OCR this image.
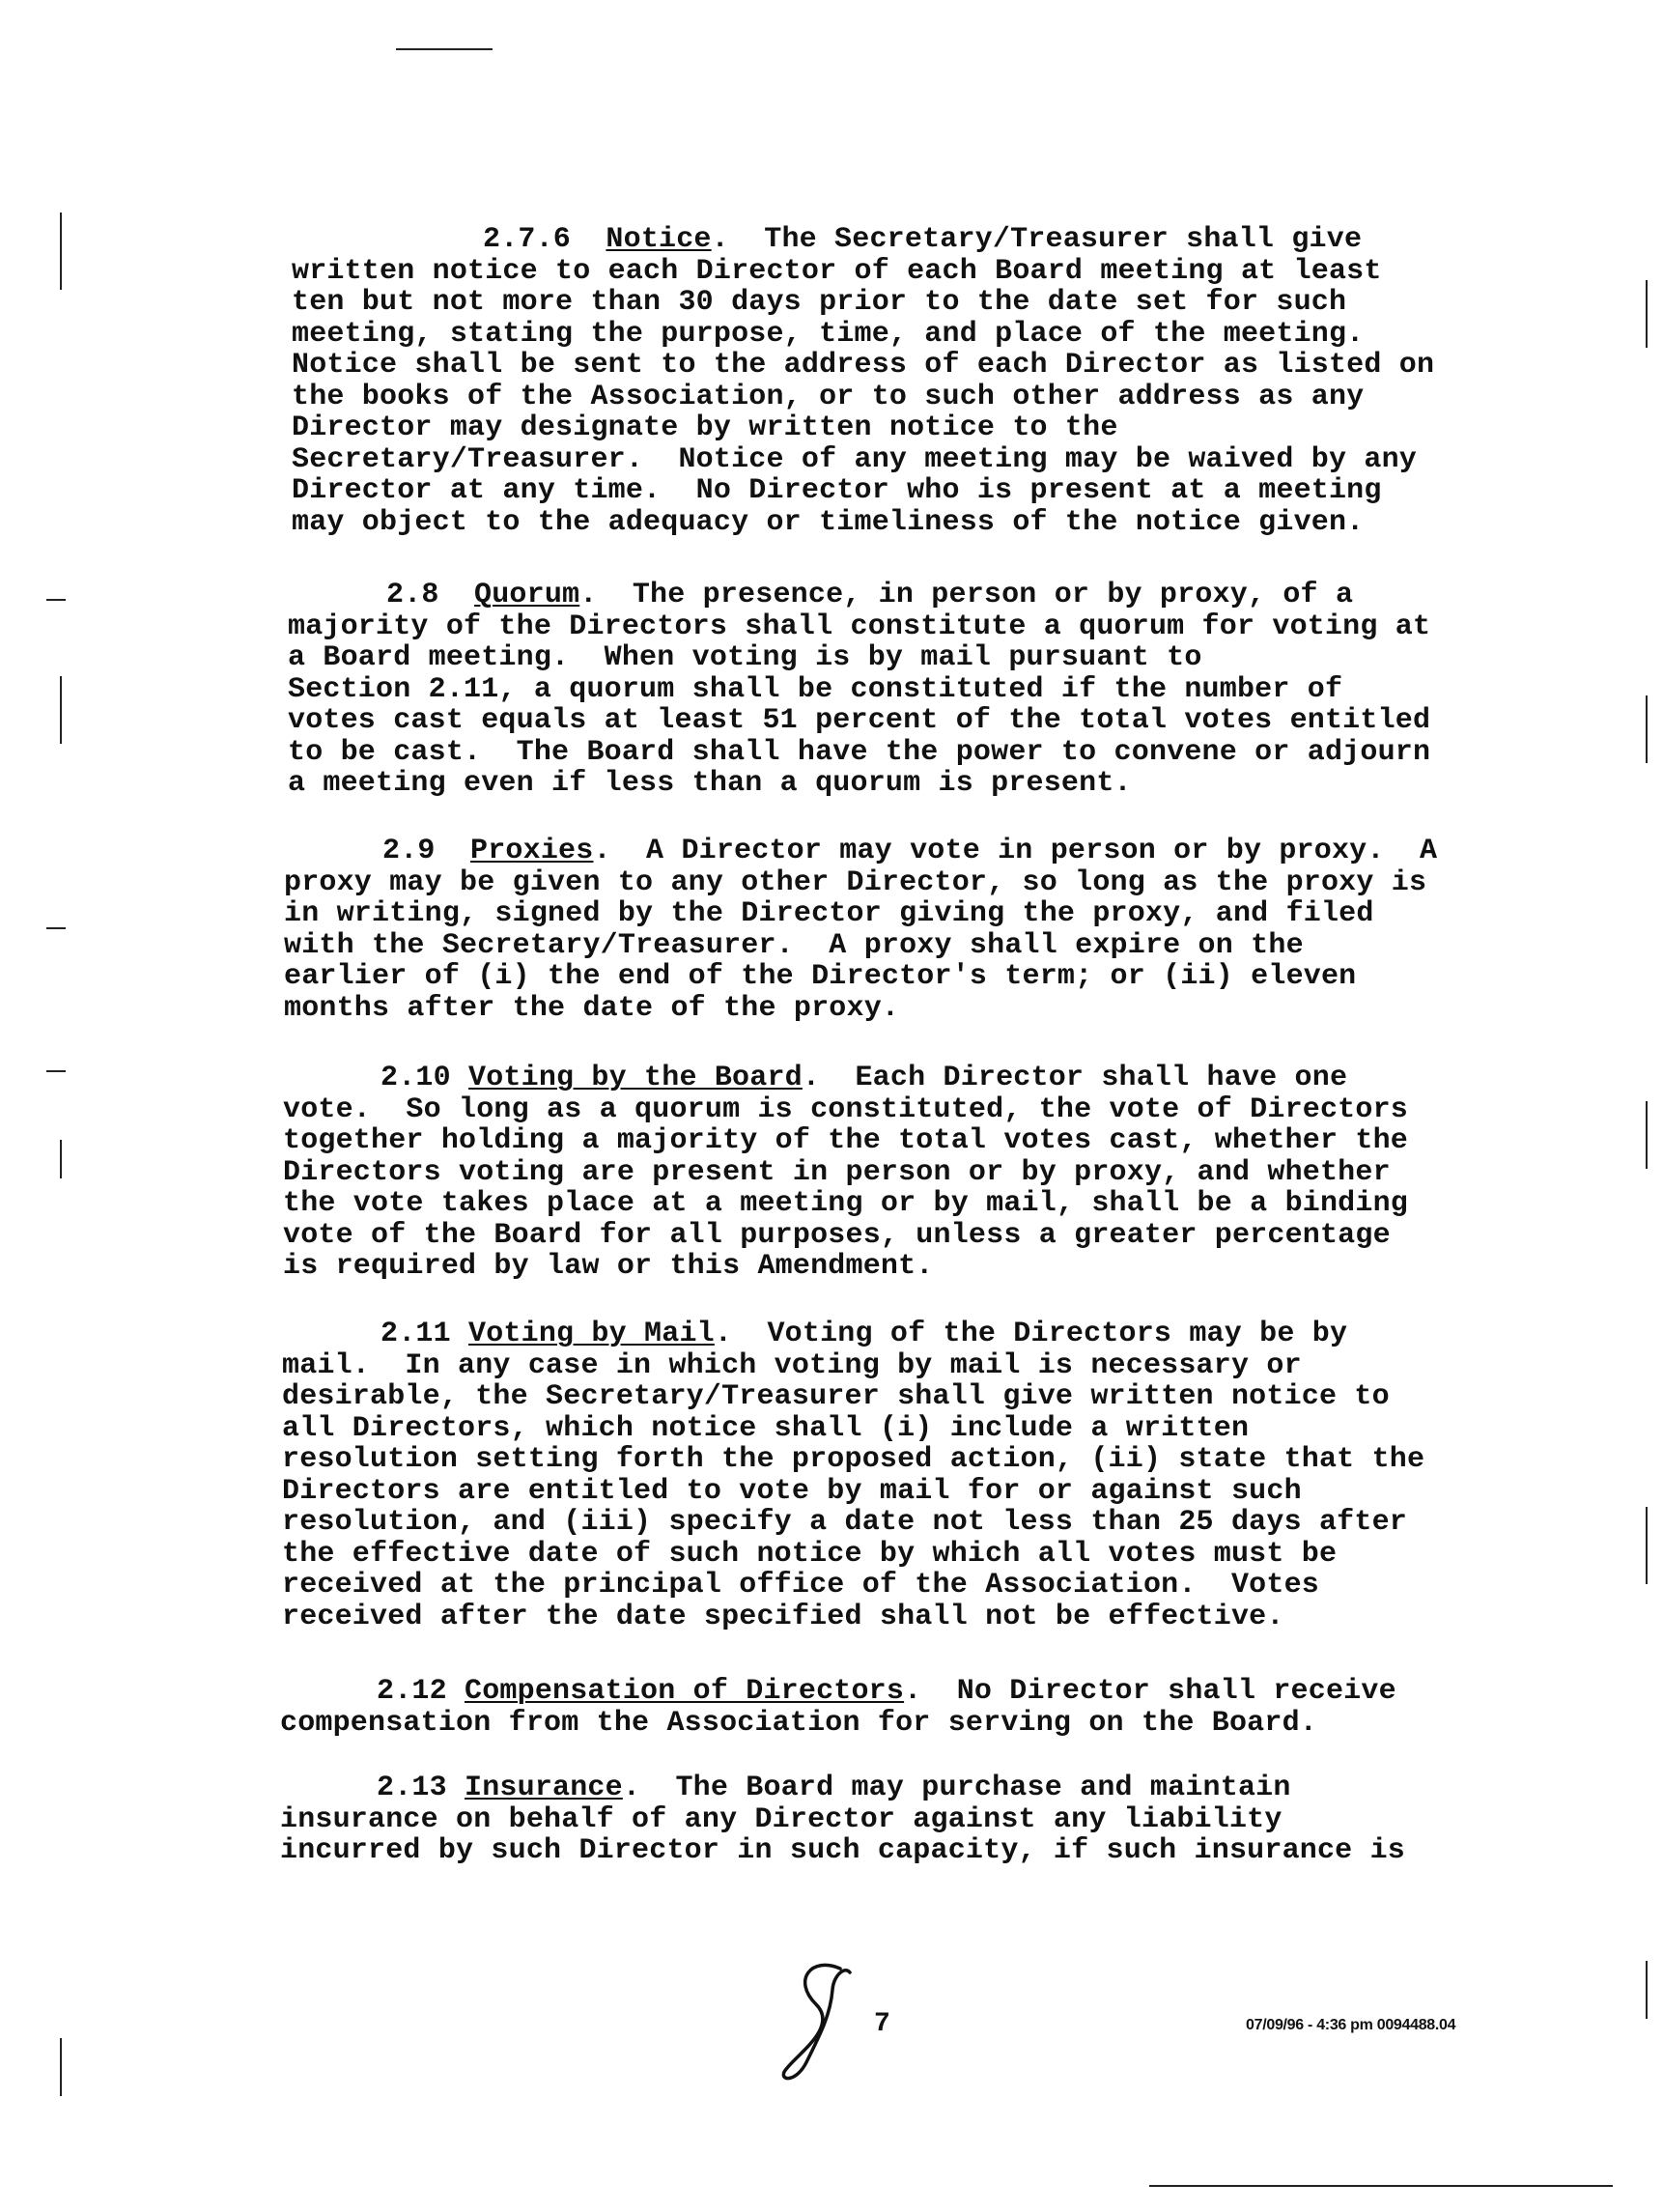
2.7.6 Notice.  The Secretary/Treasurer shall give
written notice to each Director of each Board meeting at least
ten but not more than 30 days prior to the date set for such
meeting, stating the purpose, time, and place of the meeting.
Notice shall be sent to the address of each Director as listed on
the books of the Association, or to such other address as any
Director may designate by written notice to the
Secretary/Treasurer.  Notice of any meeting may be waived by any
Director at any time.  No Director who is present at a meeting
may object to the adequacy or timeliness of the notice given.
2.8 Quorum.  The presence, in person or by proxy, of a
majority of the Directors shall constitute a quorum for voting at
a Board meeting.  When voting is by mail pursuant to
Section 2.11, a quorum shall be constituted if the number of
votes cast equals at least 51 percent of the total votes entitled
to be cast.  The Board shall have the power to convene or adjourn
a meeting even if less than a quorum is present.
2.9 Proxies.  A Director may vote in person or by proxy.  A
proxy may be given to any other Director, so long as the proxy is
in writing, signed by the Director giving the proxy, and filed
with the Secretary/Treasurer.  A proxy shall expire on the
earlier of (i) the end of the Director's term; or (ii) eleven
months after the date of the proxy.
2.10 Voting by the Board.  Each Director shall have one
vote.  So long as a quorum is constituted, the vote of Directors
together holding a majority of the total votes cast, whether the
Directors voting are present in person or by proxy, and whether
the vote takes place at a meeting or by mail, shall be a binding
vote of the Board for all purposes, unless a greater percentage
is required by law or this Amendment.
2.11 Voting by Mail.  Voting of the Directors may be by
mail.  In any case in which voting by mail is necessary or
desirable, the Secretary/Treasurer shall give written notice to
all Directors, which notice shall (i) include a written
resolution setting forth the proposed action, (ii) state that the
Directors are entitled to vote by mail for or against such
resolution, and (iii) specify a date not less than 25 days after
the effective date of such notice by which all votes must be
received at the principal office of the Association.  Votes
received after the date specified shall not be effective.
2.12 Compensation of Directors.  No Director shall receive
compensation from the Association for serving on the Board.
2.13 Insurance.  The Board may purchase and maintain
insurance on behalf of any Director against any liability
incurred by such Director in such capacity, if such insurance is
7	07/09/96 - 4:36 pm 0094488.04
